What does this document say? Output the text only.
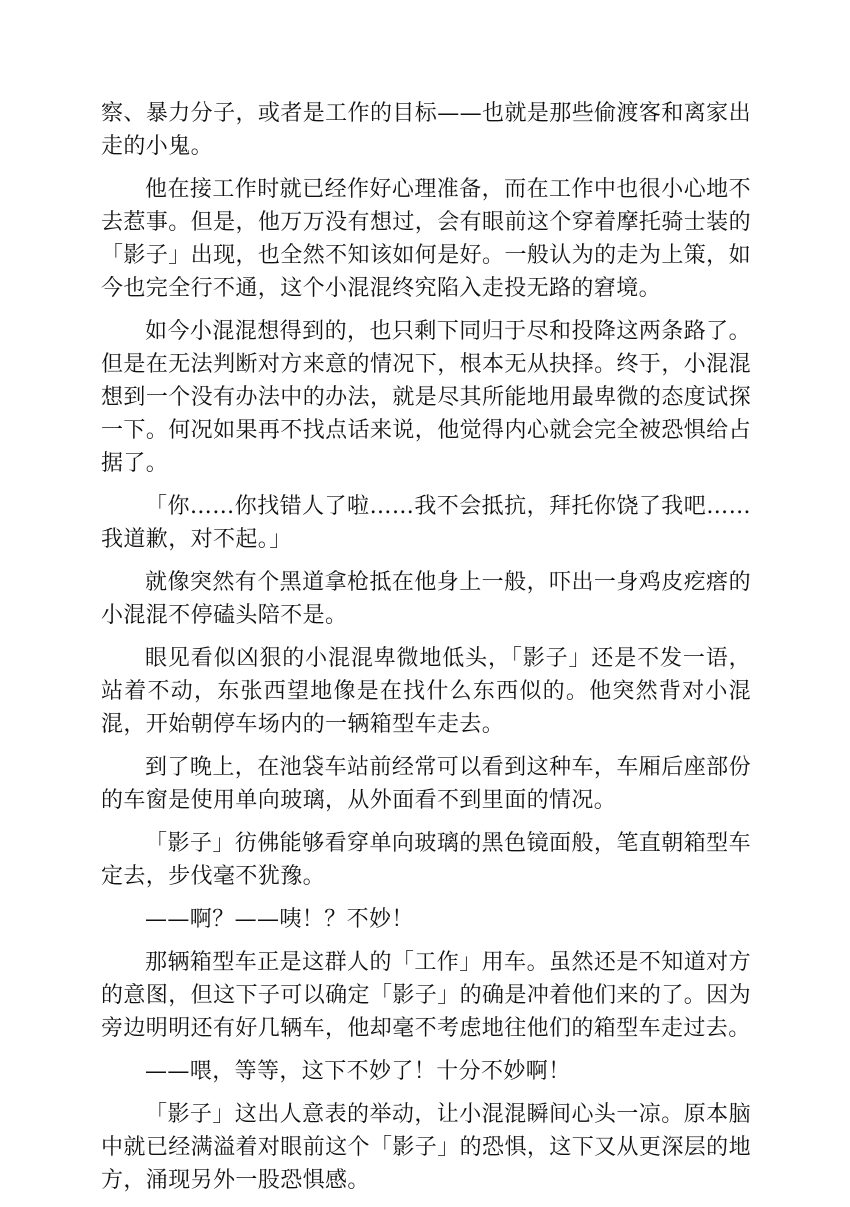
察、暴力分子，或者是工作的目标——也就是那些偷渡客和离家出走的小鬼。

他在接工作时就已经作好心理准备，而在工作中也很小心地不去惹事。但是，他万万没有想过，会有眼前这个穿着摩托骑士装的「影子」出现，也全然不知该如何是好。一般认为的走为上策，如今也完全行不通，这个小混混终究陷入走投无路的窘境。

如今小混混想得到的，也只剩下同归于尽和投降这两条路了。但是在无法判断对方来意的情况下，根本无从抉择。终于，小混混想到一个没有办法中的办法，就是尽其所能地用最卑微的态度试探一下。何况如果再不找点话来说，他觉得内心就会完全被恐惧给占据了。

「你……你找错人了啦……我不会抵抗，拜托你饶了我吧……我道歉，对不起。」

就像突然有个黑道拿枪抵在他身上一般，吓出一身鸡皮疙瘩的小混混不停磕头陪不是。

眼见看似凶狠的小混混卑微地低头，「影子」还是不发一语，站着不动，东张西望地像是在找什么东西似的。他突然背对小混混，开始朝停车场内的一辆箱型车走去。

到了晚上，在池袋车站前经常可以看到这种车，车厢后座部份的车窗是使用单向玻璃，从外面看不到里面的情况。

「影子」彷佛能够看穿单向玻璃的黑色镜面般，笔直朝箱型车定去，步伐毫不犹豫。

——啊？——咦！？不妙！

那辆箱型车正是这群人的「工作」用车。虽然还是不知道对方的意图，但这下子可以确定「影子」的确是冲着他们来的了。因为旁边明明还有好几辆车，他却毫不考虑地往他们的箱型车走过去。

——喂，等等，这下不妙了！十分不妙啊！

「影子」这出人意表的举动，让小混混瞬间心头一凉。原本脑中就已经满溢着对眼前这个「影子」的恐惧，这下又从更深层的地方，涌现另外一股恐惧感。
